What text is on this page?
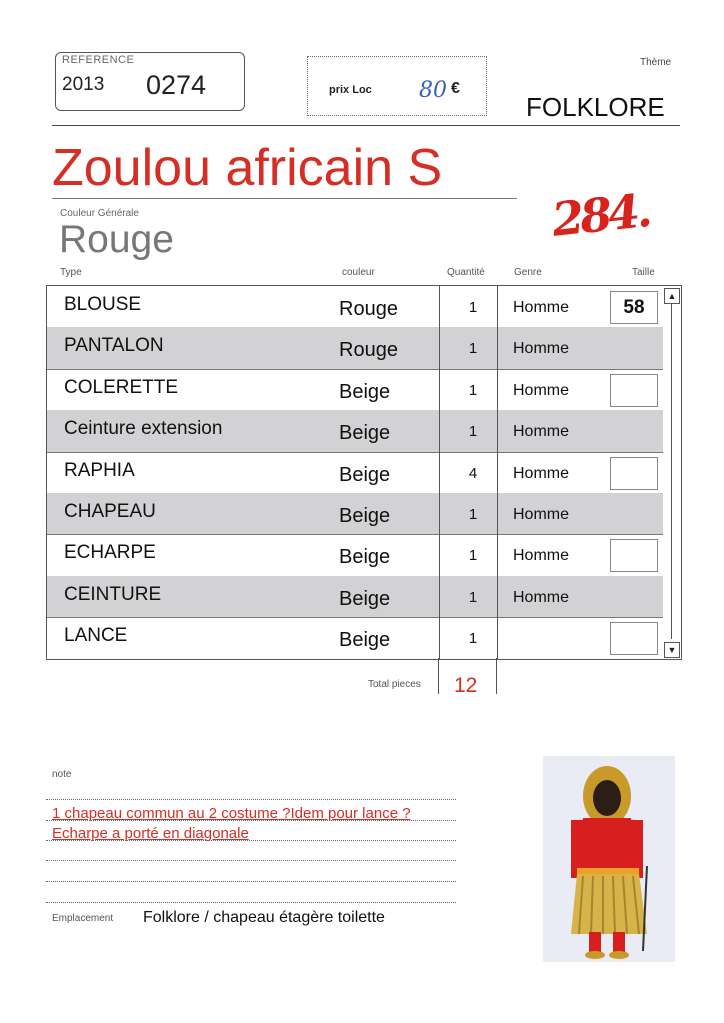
REFERENCE
2013 0274	prix Loc 80 €
Thème
FOLKLORE
Zoulou africain S
Couleur Générale
Rouge	284.
Type	couleur	Quantité	Genre	Taille
BLOUSE	Rouge	1	Homme	58
PANTALON	Rouge	1	Homme
COLERETTE	Beige	1	Homme
Ceinture extension	Beige	1	Homme
RAPHIA	Beige	4	Homme
CHAPEAU	Beige	1	Homme
ECHARPE	Beige	1	Homme
CEINTURE	Beige	1	Homme
LANCE	Beige	1
▲
▼
Total pieces 12
note
1 chapeau commun au 2 costume ?Idem pour lance ?
Echarpe a porté en diagonale
Emplacement Folklore / chapeau étagère toilette
